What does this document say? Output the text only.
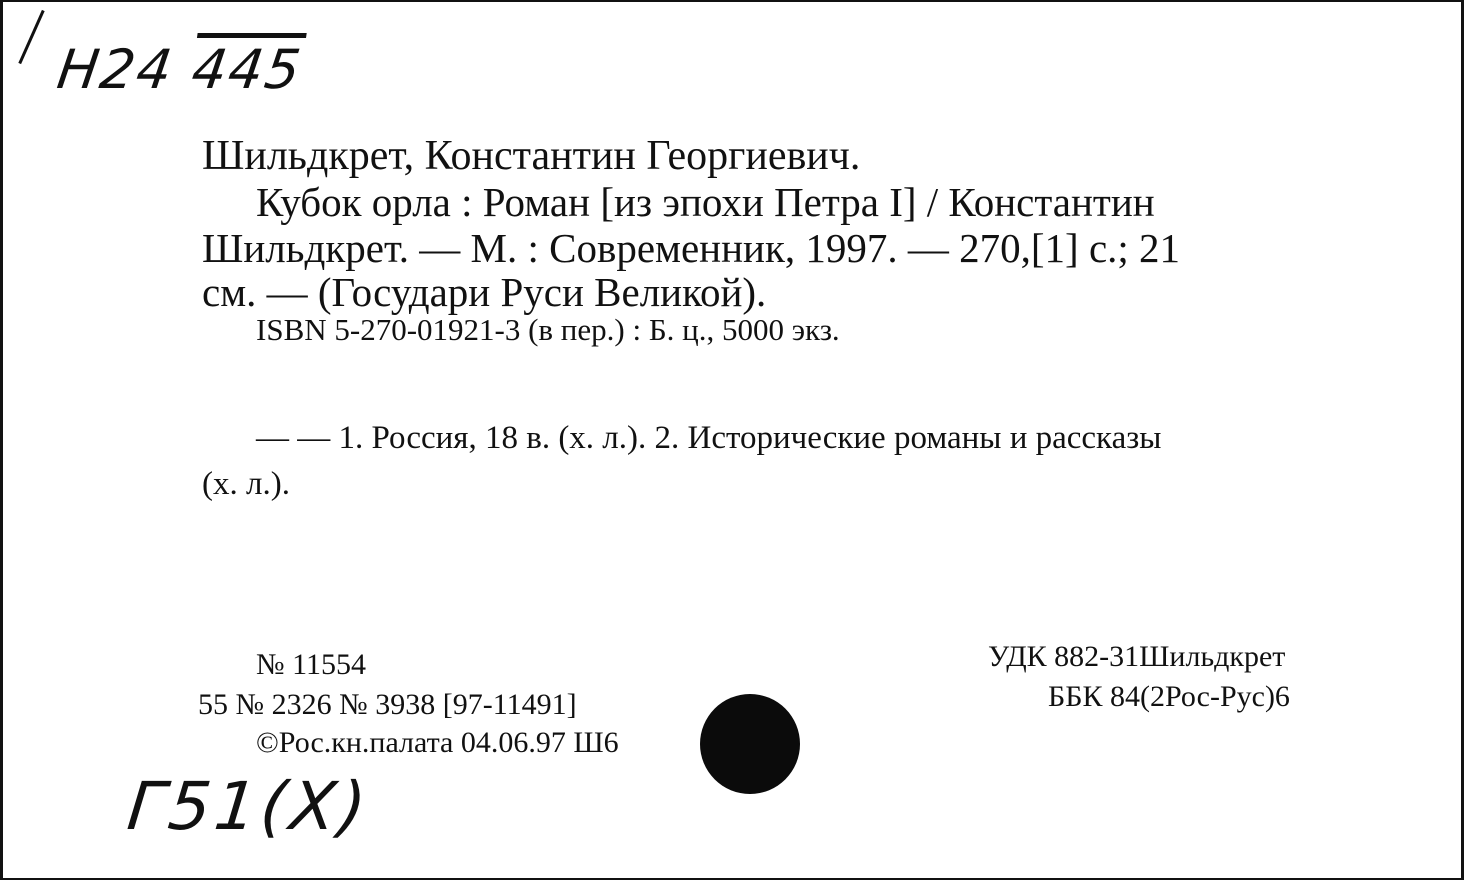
Н24 445
Шильдкрет, Константин Георгиевич.
Кубок орла : Роман [из эпохи Петра I] / Константин
Шильдкрет. — М. : Современник, 1997. — 270,[1] с.; 21
см. — (Государи Руси Великой).
ISBN 5-270-01921-3 (в пер.) : Б. ц., 5000 экз.
— — 1. Россия, 18 в. (х. л.). 2. Исторические романы и рассказы
(х. л.).
№ 11554
55 № 2326 № 3938 [97-11491]
©Рос.кн.палата 04.06.97 Ш6
УДК 882-31Шильдкрет
ББК 84(2Рос-Рус)6
Г51(Х)
